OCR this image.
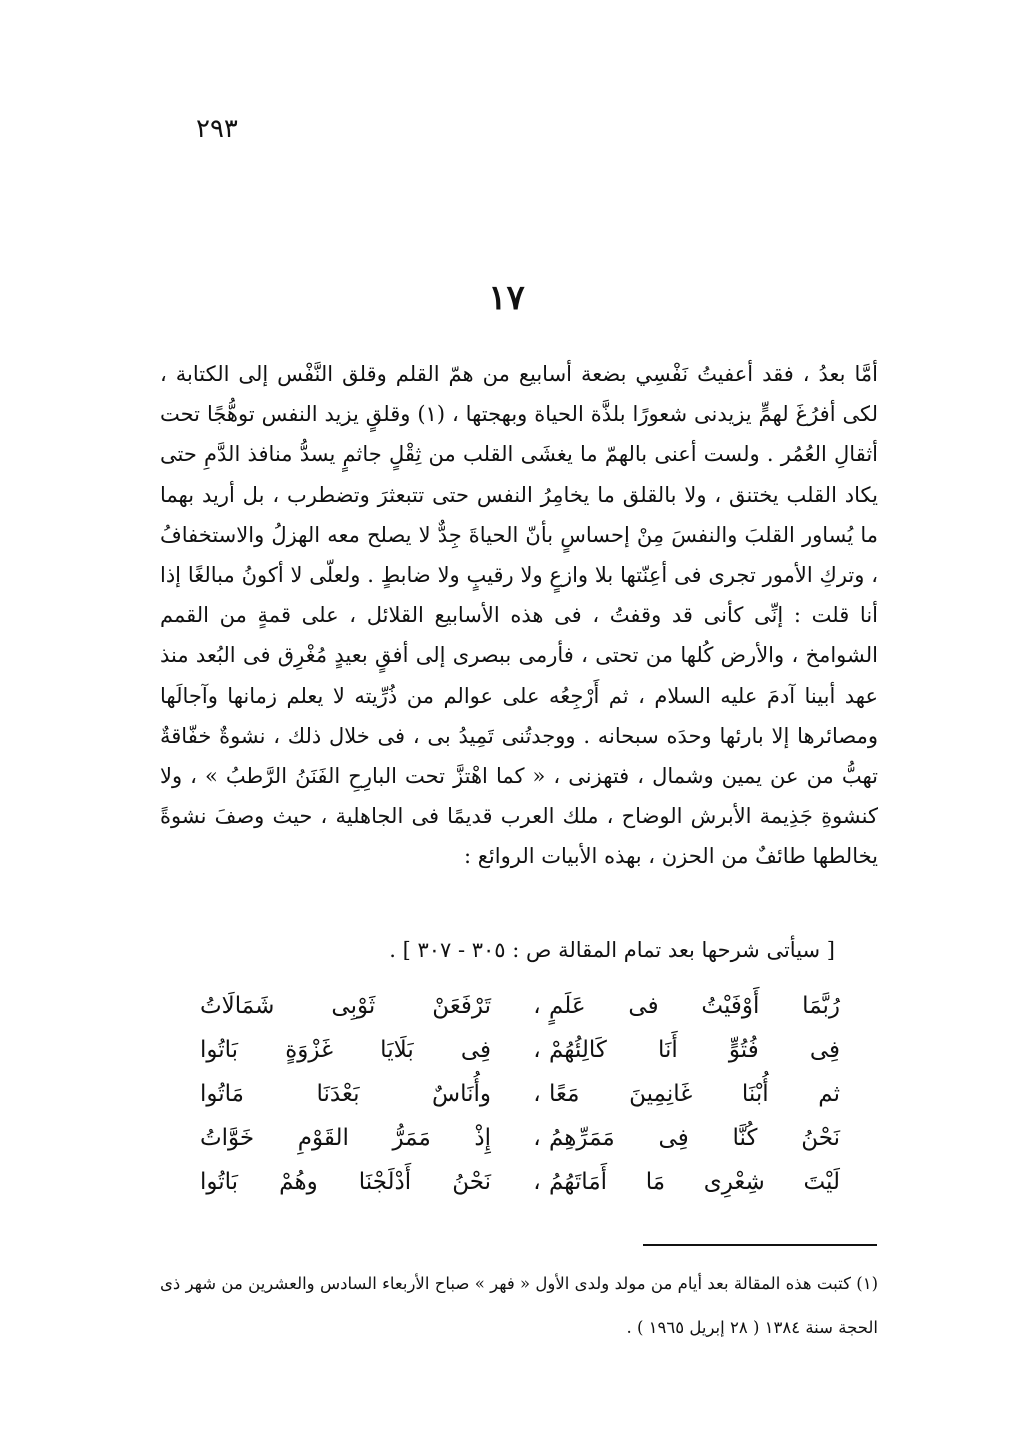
٢٩٣
١٧

أمَّا بعدُ ، فقد أعفيتُ نَفْسِي بضعة أسابيع من همّ القلم وقلق النَّفْس إلى الكتابة ، لكى أفرُغَ لهمٍّ يزيدنى شعورًا بلذَّة الحياة وبهجتها ، (١) وقلقٍ يزيد النفس توهُّجًا تحت أثقالِ العُمُر . ولست أعنى بالهمّ ما يغشَى القلب من ثِقْلٍ جاثمٍ يسدُّ منافذ الدَّمِ حتى يكاد القلب يختنق ، ولا بالقلق ما يخامِرُ النفس حتى تتبعثرَ وتضطرب ، بل أريد بهما ما يُساور القلبَ والنفسَ مِنْ إحساسٍ بأنّ الحياةَ جِدٌّ لا يصلح معه الهزلُ والاستخفافُ ، وتركِ الأمور تجرى فى أعِنّتها بلا وازعٍ ولا رقيبٍ ولا ضابطٍ . ولعلّى لا أكونُ مبالغًا إذا أنا قلت : إنِّى كأنى قد وقفتُ ، فى هذه الأسابيع القلائل ، على قمةٍ من القمم الشوامخ ، والأرض كُلها من تحتى ، فأرمى ببصرى إلى أفقٍ بعيدٍ مُغْرِق فى البُعد منذ عهد أبينا آدمَ عليه السلام ، ثم أَرْجِعُه على عوالم من ذُرِّيته لا يعلم زمانها وآجالَها ومصائرها إلا بارئها وحدَه سبحانه . ووجدتُنى تَمِيدُ بى ، فى خلال ذلك ، نشوةٌ خفّاقةٌ تهبُّ من عن يمين وشمال ، فتهزنى ، « كما اهْتزَّ تحت البارِحِ الفَنَنُ الرَّطبُ » ، ولا كنشوةِ جَذِيمة الأبرش الوضاح ، ملك العرب قديمًا فى الجاهلية ، حيث وصفَ نشوةً يخالطها طائفٌ من الحزن ، بهذه الأبيات الروائع :

[ سيأتى شرحها بعد تمام المقالة ص : ٣٠٥ - ٣٠٧ ] .
رُبَّمَا أَوْفَيْتُ فى عَلَمٍ
،
تَرْفَعَنْ ثَوْبِى شَمَالَاتُ
فِى فُتُوٍّ أَنَا كَالِئُهُمْ
،
فِى بَلَايَا غَزْوَةٍ بَاتُوا
ثم أُبْنَا غَانِمِينَ مَعًا
،
وأُنَاسٌ بَعْدَنَا مَاتُوا
نَحْنُ كُنَّا فِى مَمَرِّهِمُ
،
إِذْ مَمَرُّ القَوْمِ خَوَّاتُ
لَيْتَ شِعْرِى مَا أَمَاتَهُمُ
،
نَحْنُ أَدْلَجْنَا وهُمْ بَاتُوا

(١) كتبت هذه المقالة بعد أيام من مولد ولدى الأول « فهر » صباح الأربعاء السادس والعشرين من شهر ذى الحجة سنة ١٣٨٤ ( ٢٨ إبريل ١٩٦٥ ) .
